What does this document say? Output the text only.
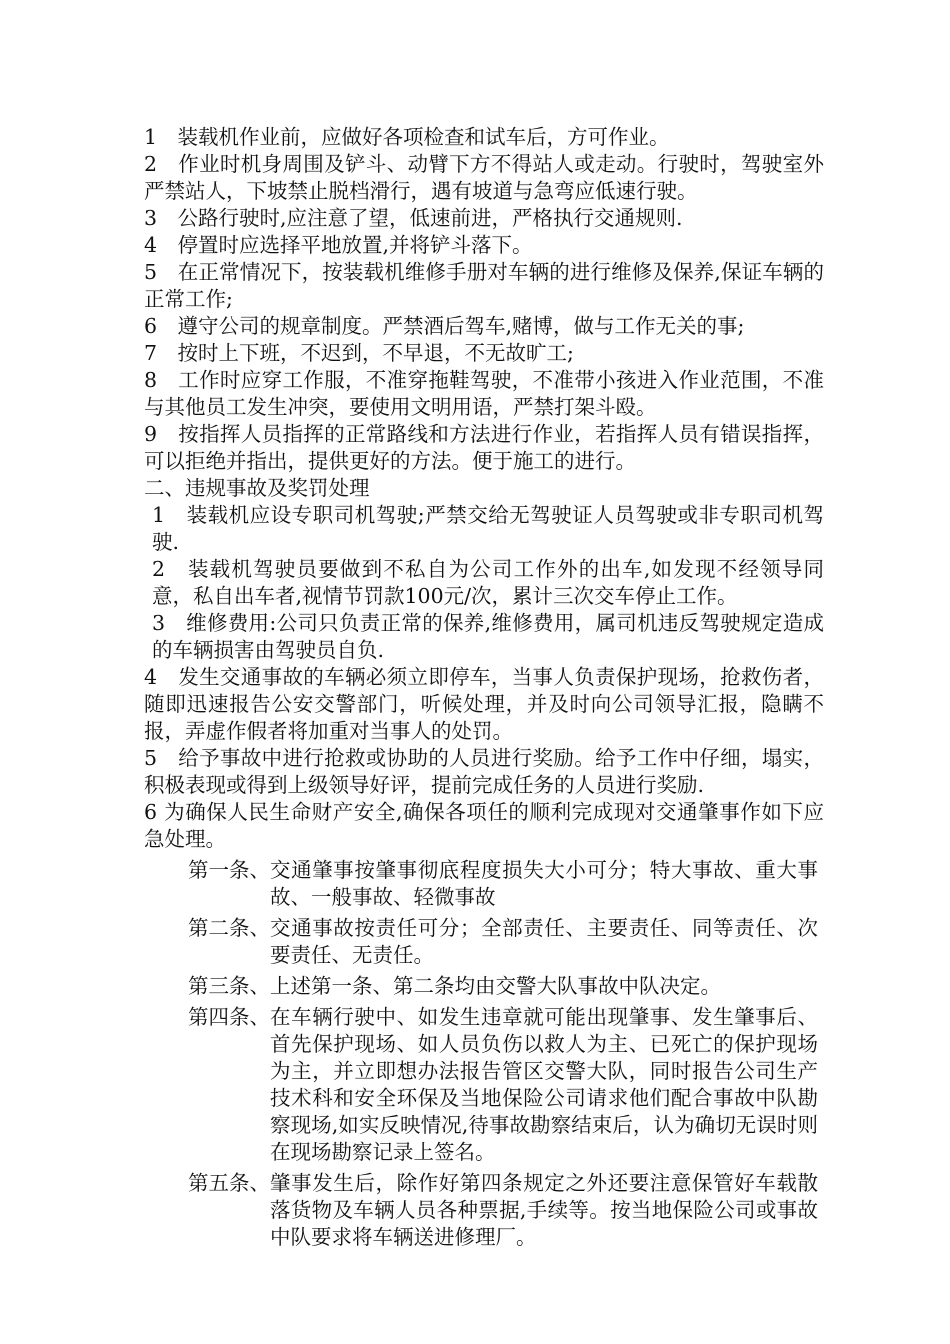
1　装载机作业前，应做好各项检查和试车后，方可作业。

2　作业时机身周围及铲斗、动臂下方不得站人或走动。行驶时，驾驶室外严禁站人，下坡禁止脱档滑行，遇有坡道与急弯应低速行驶。

3　公路行驶时,应注意了望，低速前进，严格执行交通规则.

4　停置时应选择平地放置,并将铲斗落下。

5　在正常情况下，按装载机维修手册对车辆的进行维修及保养,保证车辆的正常工作;

6　遵守公司的规章制度。严禁酒后驾车,赌博，做与工作无关的事;

7　按时上下班，不迟到，不早退，不无故旷工;

8　工作时应穿工作服，不准穿拖鞋驾驶，不准带小孩进入作业范围，不准与其他员工发生冲突，要使用文明用语，严禁打架斗殴。

9　按指挥人员指挥的正常路线和方法进行作业，若指挥人员有错误指挥，可以拒绝并指出，提供更好的方法。便于施工的进行。

二、违规事故及奖罚处理

1　装载机应设专职司机驾驶;严禁交给无驾驶证人员驾驶或非专职司机驾驶.

2　装载机驾驶员要做到不私自为公司工作外的出车,如发现不经领导同意，私自出车者,视情节罚款100元/次，累计三次交车停止工作。

3　维修费用:公司只负责正常的保养,维修费用，属司机违反驾驶规定造成的车辆损害由驾驶员自负.

4　发生交通事故的车辆必须立即停车，当事人负责保护现场，抢救伤者，随即迅速报告公安交警部门，听候处理，并及时向公司领导汇报，隐瞒不报，弄虚作假者将加重对当事人的处罚。

5　给予事故中进行抢救或协助的人员进行奖励。给予工作中仔细，塌实，积极表现或得到上级领导好评，提前完成任务的人员进行奖励.

6 为确保人民生命财产安全,确保各项任的顺利完成现对交通肇事作如下应急处理。

第一条、 交通肇事按肇事彻底程度损失大小可分；特大事故、重大事故、一般事故、轻微事故
第二条、 交通事故按责任可分；全部责任、主要责任、同等责任、次要责任、无责任。
第三条、 上述第一条、第二条均由交警大队事故中队决定。
第四条、 在车辆行驶中、如发生违章就可能出现肇事、发生肇事后、首先保护现场、如人员负伤以救人为主、已死亡的保护现场为主，并立即想办法报告管区交警大队，同时报告公司生产技术科和安全环保及当地保险公司请求他们配合事故中队勘察现场,如实反映情况,待事故勘察结束后，认为确切无误时则在现场勘察记录上签名。
第五条、 肇事发生后，除作好第四条规定之外还要注意保管好车载散落货物及车辆人员各种票据,手续等。按当地保险公司或事故中队要求将车辆送进修理厂。
